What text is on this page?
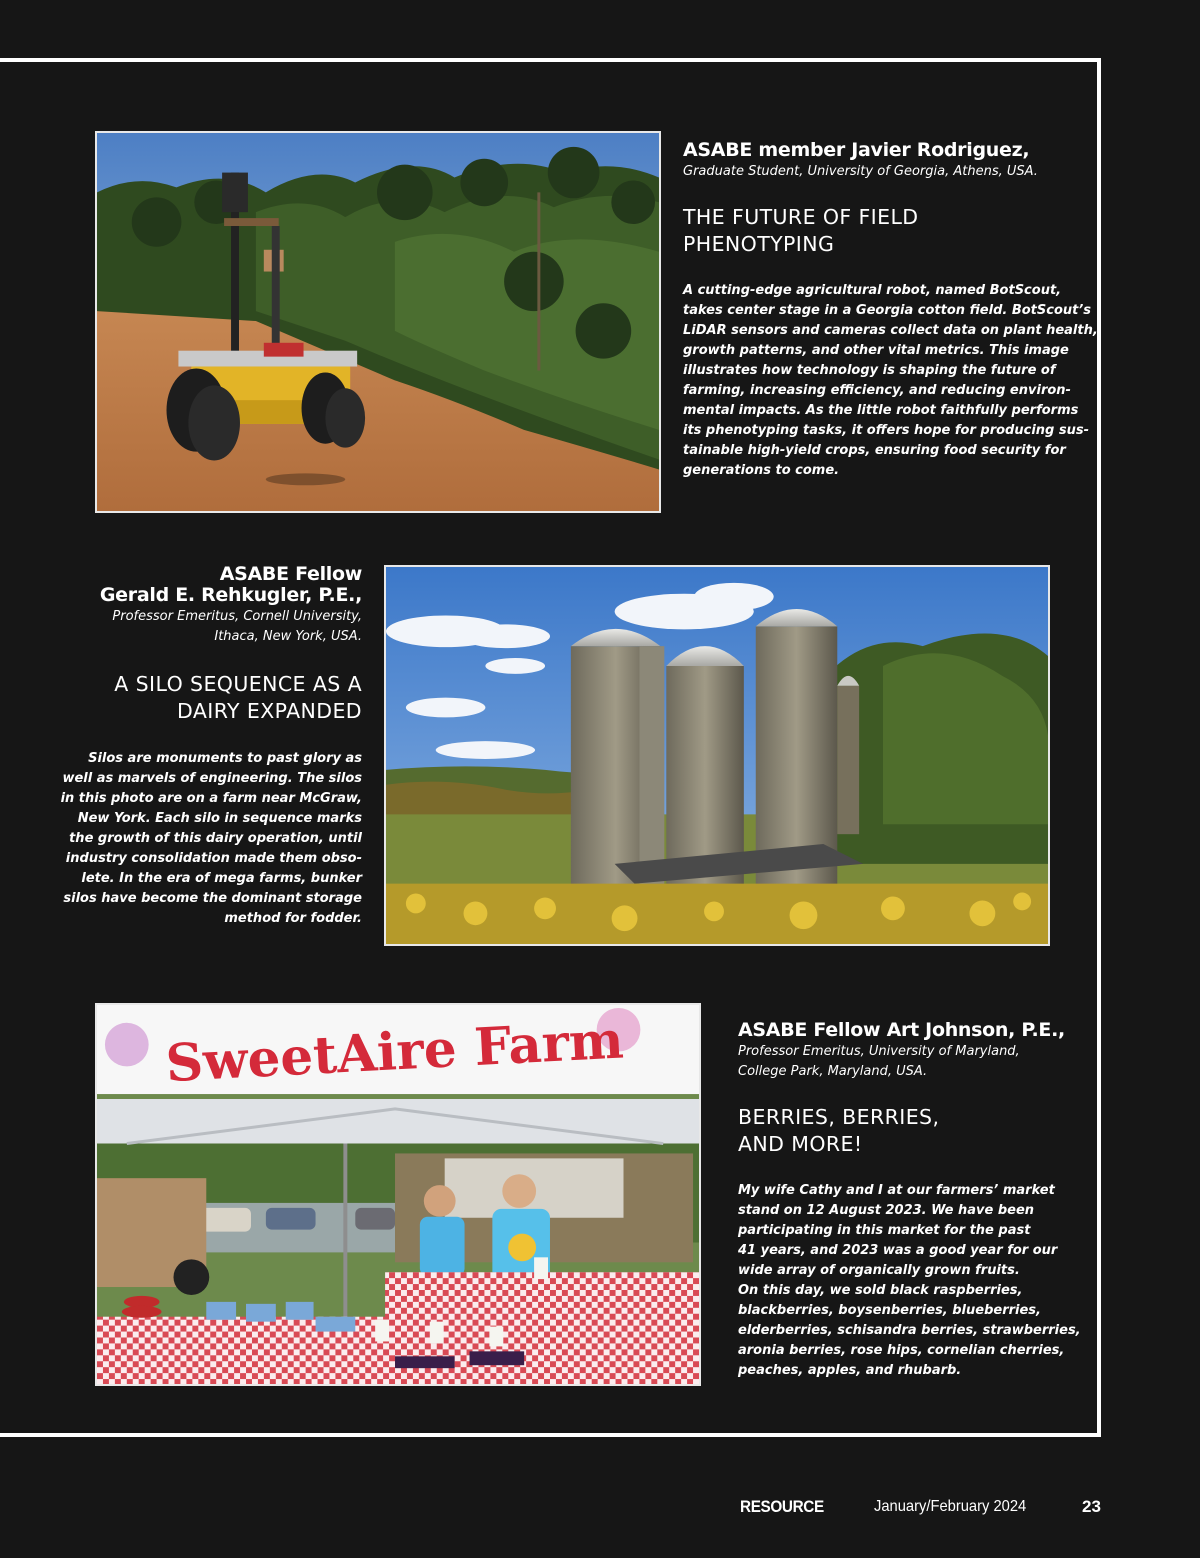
ASABE member Javier Rodriguez,
Graduate Student, University of Georgia, Athens, USA.
THE FUTURE OF FIELD
PHENOTYPING
A cutting-edge agricultural robot, named BotScout,
takes center stage in a Georgia cotton field. BotScout’s
LiDAR sensors and cameras collect data on plant health,
growth patterns, and other vital metrics. This image
illustrates how technology is shaping the future of
farming, increasing efficiency, and reducing environ-
mental impacts. As the little robot faithfully performs
its phenotyping tasks, it offers hope for producing sus-
tainable high-yield crops, ensuring food security for
generations to come.
ASABE Fellow
Gerald E. Rehkugler, P.E.,
Professor Emeritus, Cornell University,
Ithaca, New York, USA.
A SILO SEQUENCE AS A
DAIRY EXPANDED
Silos are monuments to past glory as
well as marvels of engineering. The silos
in this photo are on a farm near McGraw,
New York. Each silo in sequence marks
the growth of this dairy operation, until
industry consolidation made them obso-
lete. In the era of mega farms, bunker
silos have become the dominant storage
method for fodder.
SweetAire Farm	ASABE Fellow Art Johnson, P.E.,
Professor Emeritus, University of Maryland,
College Park, Maryland, USA.
BERRIES, BERRIES,
AND MORE!
My wife Cathy and I at our farmers’ market
stand on 12 August 2023. We have been
participating in this market for the past
41 years, and 2023 was a good year for our
wide array of organically grown fruits.
On this day, we sold black raspberries,
blackberries, boysenberries, blueberries,
elderberries, schisandra berries, strawberries,
aronia berries, rose hips, cornelian cherries,
peaches, apples, and rhubarb.
RESOURCE	January/February 2024	23
